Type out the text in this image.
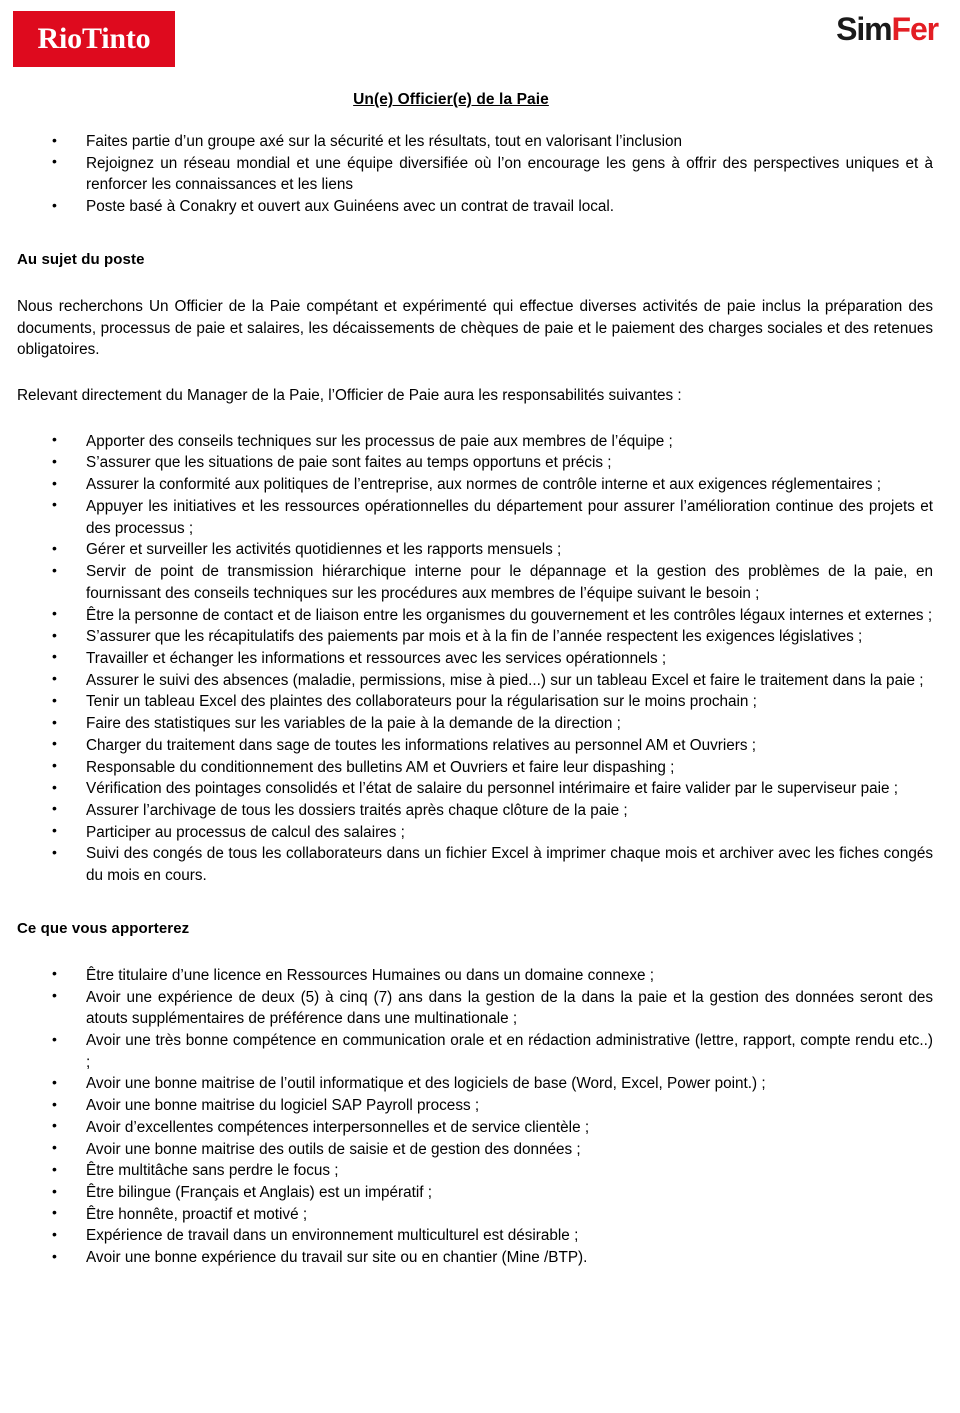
RioTinto	SimFer
Un(e) Officier(e) de la Paie
• Faites partie d’un groupe axé sur la sécurité et les résultats, tout en valorisant l’inclusion
• Rejoignez un réseau mondial et une équipe diversifiée où l’on encourage les gens à offrir des perspectives uniques et à renforcer les connaissances et les liens
• Poste basé à Conakry et ouvert aux Guinéens avec un contrat de travail local.
Au sujet du poste

Nous recherchons Un Officier de la Paie compétant et expérimenté qui effectue diverses activités de paie inclus la préparation des documents, processus de paie et salaires, les décaissements de chèques de paie et le paiement des charges sociales et des retenues obligatoires.

Relevant directement du Manager de la Paie, l’Officier de Paie aura les responsabilités suivantes :

• Apporter des conseils techniques sur les processus de paie aux membres de l’équipe ;
• S’assurer que les situations de paie sont faites au temps opportuns et précis ;
• Assurer la conformité aux politiques de l’entreprise, aux normes de contrôle interne et aux exigences réglementaires ;
• Appuyer les initiatives et les ressources opérationnelles du département pour assurer l’amélioration continue des projets et des processus ;
• Gérer et surveiller les activités quotidiennes et les rapports mensuels ;
• Servir de point de transmission hiérarchique interne pour le dépannage et la gestion des problèmes de la paie, en fournissant des conseils techniques sur les procédures aux membres de l’équipe suivant le besoin ;
• Être la personne de contact et de liaison entre les organismes du gouvernement et les contrôles légaux internes et externes ;
• S’assurer que les récapitulatifs des paiements par mois et à la fin de l’année respectent les exigences législatives ;
• Travailler et échanger les informations et ressources avec les services opérationnels ;
• Assurer le suivi des absences (maladie, permissions, mise à pied...) sur un tableau Excel et faire le traitement dans la paie ;
• Tenir un tableau Excel des plaintes des collaborateurs pour la régularisation sur le moins prochain ;
• Faire des statistiques sur les variables de la paie à la demande de la direction ;
• Charger du traitement dans sage de toutes les informations relatives au personnel AM et Ouvriers ;
• Responsable du conditionnement des bulletins AM et Ouvriers et faire leur dispashing ;
• Vérification des pointages consolidés et l’état de salaire du personnel intérimaire et faire valider par le superviseur paie ;
• Assurer l’archivage de tous les dossiers traités après chaque clôture de la paie ;
• Participer au processus de calcul des salaires ;
• Suivi des congés de tous les collaborateurs dans un fichier Excel à imprimer chaque mois et archiver avec les fiches congés du mois en cours.
Ce que vous apporterez
• Être titulaire d’une licence en Ressources Humaines ou dans un domaine connexe ;
• Avoir une expérience de deux (5) à cinq (7) ans dans la gestion de la dans la paie et la gestion des données seront des atouts supplémentaires de préférence dans une multinationale ;
• Avoir une très bonne compétence en communication orale et en rédaction administrative (lettre, rapport, compte rendu etc..) ;
• Avoir une bonne maitrise de l’outil informatique et des logiciels de base (Word, Excel, Power point.) ;
• Avoir une bonne maitrise du logiciel SAP Payroll process ;
• Avoir d’excellentes compétences interpersonnelles et de service clientèle ;
• Avoir une bonne maitrise des outils de saisie et de gestion des données ;
• Être multitâche sans perdre le focus ;
• Être bilingue (Français et Anglais) est un impératif ;
• Être honnête, proactif et motivé ;
• Expérience de travail dans un environnement multiculturel est désirable ;
• Avoir une bonne expérience du travail sur site ou en chantier (Mine /BTP).
